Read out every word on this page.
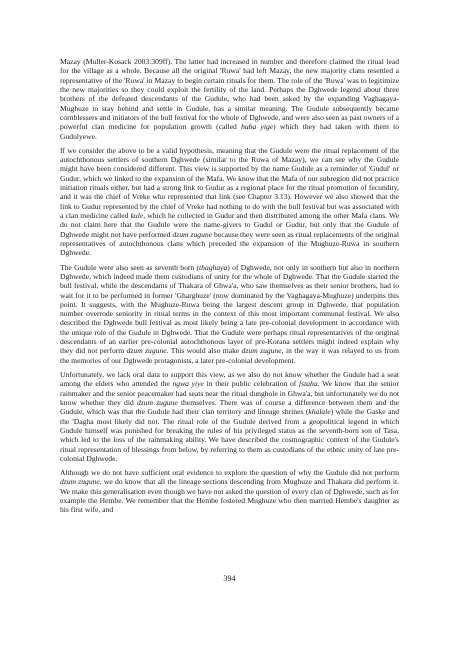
Mazay (Muller-Kosack 2003:309ff). The latter had increased in number and therefore claimed the ritual lead for the village as a whole. Because all the original 'Ruwa' had left Mazay, the new majority clans resettled a representative of the 'Ruwa' in Mazay to begin certain rituals for them. The role of the 'Ruwa' was to legitimize the new majorities so they could exploit the fertility of the land. Perhaps the Dghwede legend about three brothers of the defeated descendants of the Gudule, who had been asked by the expanding Vaghagaya-Mughuze to stay behind and settle in Gudule, has a similar meaning. The Gudule subsequently became cornblessers and initiators of the bull festival for the whole of Dghwede, and were also seen as past owners of a powerful clan medicine for population growth (called huɓa yige) which they had taken with them to Gudulyewe.

If we consider the above to be a valid hypothesis, meaning that the Gudule were the ritual replacement of the autochthonous settlers of southern Dghwede (similar to the Ruwa of Mazay), we can see why the Gudule might have been considered different. This view is supported by the name Gudule as a reminder of 'Gudul' or Gudur, which we linked to the expansion of the Mafa. We know that the Mafa of our subregion did not practice initiation rituals either, but had a strong link to Gudur as a regional place for the ritual promotion of fecundity, and it was the chief of Vreke who represented that link (see Chapter 3.13). However we also showed that the link to Gudur represented by the chief of Vreke had nothing to do with the bull festival but was associated with a clan medicine called kule, which he collected in Gudur and then distributed among the other Mafa clans. We do not claim here that the Gudule were the name-givers to Gudul or Gudur, but only that the Gudule of Dghwede might not have performed dzum zugune because they were seen as ritual replacements of the original representatives of autochthonous clans which preceded the expansion of the Mughuze-Ruwa in southern Dghwede.

The Gudule were also seen as seventh born (thaghaya) of Dghwede, not only in southern but also in northern Dghwede, which indeed made them custodians of unity for the whole of Dghwede. That the Gudule started the bull festival, while the descendants of Thakara of Ghwa'a, who saw themselves as their senior brothers, had to wait for it to be performed in former 'Gharghuze' (now dominated by the Vaghagaya-Mughuze) underpins this point. It suggests, with the Mughuze-Ruwa being the largest descent group in Dghwede, that population number overrode seniority in ritual terms in the context of this most important communal festival. We also described the Dghwede bull festival as most likely being a late pre-colonial development in accordance with the unique role of the Gudule in Dghwede. That the Gudule were perhaps ritual representatives of the original descendants of an earlier pre-colonial autochthonous layer of pre-Korana settlers might indeed explain why they did not perform dzum zugune. This would also make dzum zugune, in the way it was relayed to us from the memories of our Dghwede protagonists, a later pre-colonial development.

Unfortunately, we lack oral data to support this view, as we also do not know whether the Gudule had a seat among the elders who attended the ngwa yiye in their public celebration of fstaha. We know that the senior rainmaker and the senior peacemaker had seats near the ritual dunghole in Ghwa'a, but unfortunately we do not know whether they did dzum zugune themselves. There was of course a difference between them and the Gudule, which was that the Gudule had their clan territory and lineage shrines (khalale) while the Gaske and the 'Dagha most likely did not. The ritual role of the Gudule derived from a geopolitical legend in which Gudule himself was punished for breaking the rules of his privileged status as the seventh-born son of Tasa, which led to the loss of the rainmaking ability. We have described the cosmographic context of the Gudule's ritual representation of blessings from below, by referring to them as custodians of the ethnic unity of late pre-colonial Dghwede.

Although we do not have sufficient oral evidence to explore the question of why the Gudule did not perform dzum zugune, we do know that all the lineage sections descending from Mughuze and Thakara did perform it. We make this generalisation even though we have not asked the question of every clan of Dghwede, such as for example the Hembe. We remember that the Hembe fostered Mughuze who then married Hembe's daughter as his first wife, and

394
